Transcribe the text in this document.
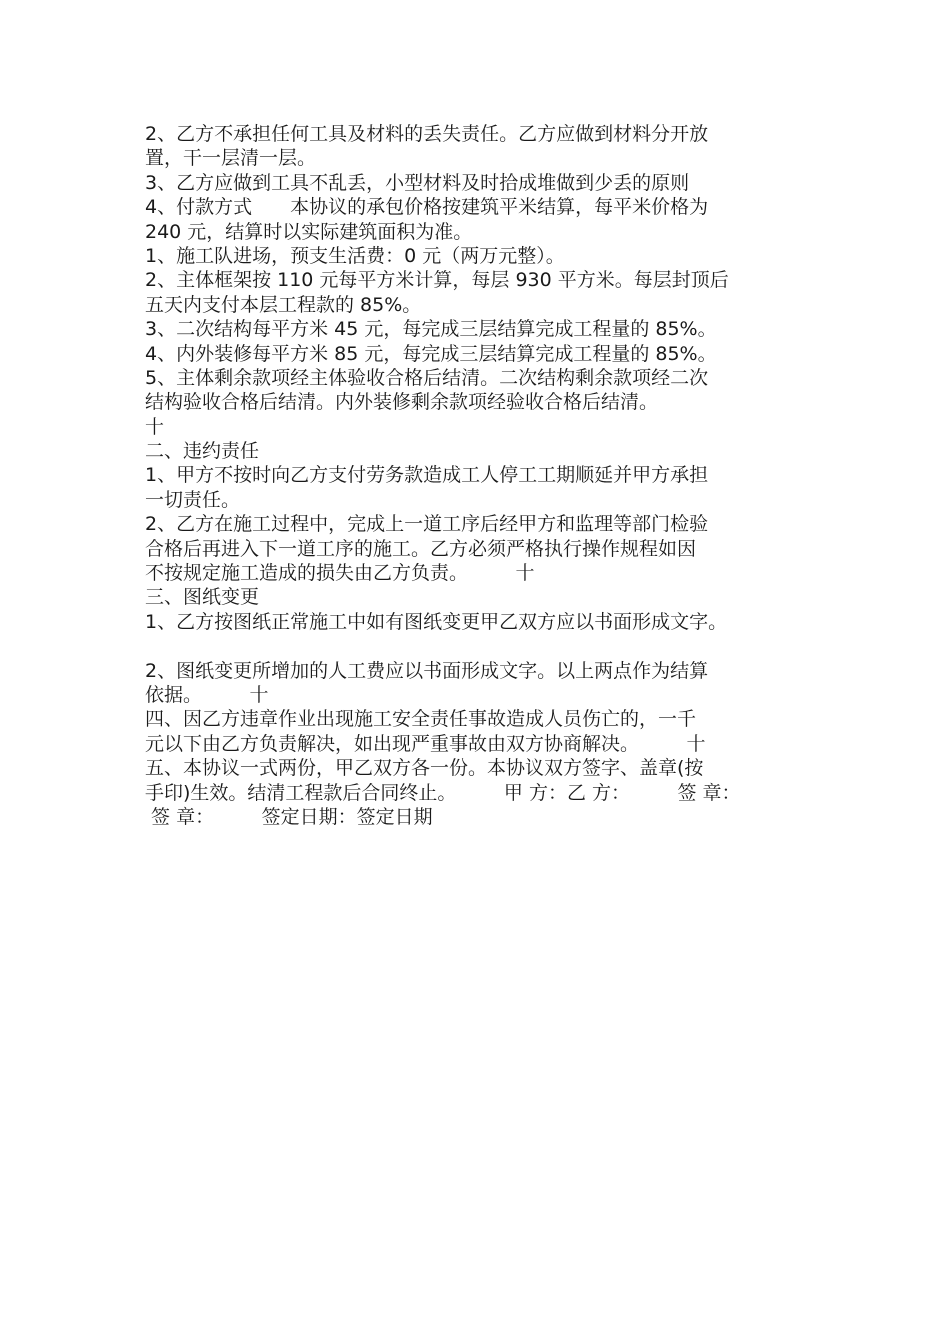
2、乙方不承担任何工具及材料的丢失责任。乙方应做到材料分开放
置，干一层清一层。
3、乙方应做到工具不乱丢，小型材料及时拾成堆做到少丢的原则
4、付款方式　　本协议的承包价格按建筑平米结算，每平米价格为
240 元，结算时以实际建筑面积为准。
1、施工队进场，预支生活费：0 元（两万元整）。
2、主体框架按 110 元每平方米计算，每层 930 平方米。每层封顶后
五天内支付本层工程款的 85%。
3、二次结构每平方米 45 元，每完成三层结算完成工程量的 85%。
4、内外装修每平方米 85 元，每完成三层结算完成工程量的 85%。
5、主体剩余款项经主体验收合格后结清。二次结构剩余款项经二次
结构验收合格后结清。内外装修剩余款项经验收合格后结清。
十
二、违约责任
1、甲方不按时向乙方支付劳务款造成工人停工工期顺延并甲方承担
一切责任。
2、乙方在施工过程中，完成上一道工序后经甲方和监理等部门检验
合格后再进入下一道工序的施工。乙方必须严格执行操作规程如因
不按规定施工造成的损失由乙方负责。　　　十
三、图纸变更
1、乙方按图纸正常施工中如有图纸变更甲乙双方应以书面形成文字。
2、图纸变更所增加的人工费应以书面形成文字。以上两点作为结算
依据。　　　十
四、因乙方违章作业出现施工安全责任事故造成人员伤亡的，一千
元以下由乙方负责解决，如出现严重事故由双方协商解决。　　　十
五、本协议一式两份，甲乙双方各一份。本协议双方签字、盖章(按
手印)生效。结清工程款后合同终止。　　　甲 方：乙 方：　　　签 章：
签 章：　　　签定日期：签定日期
